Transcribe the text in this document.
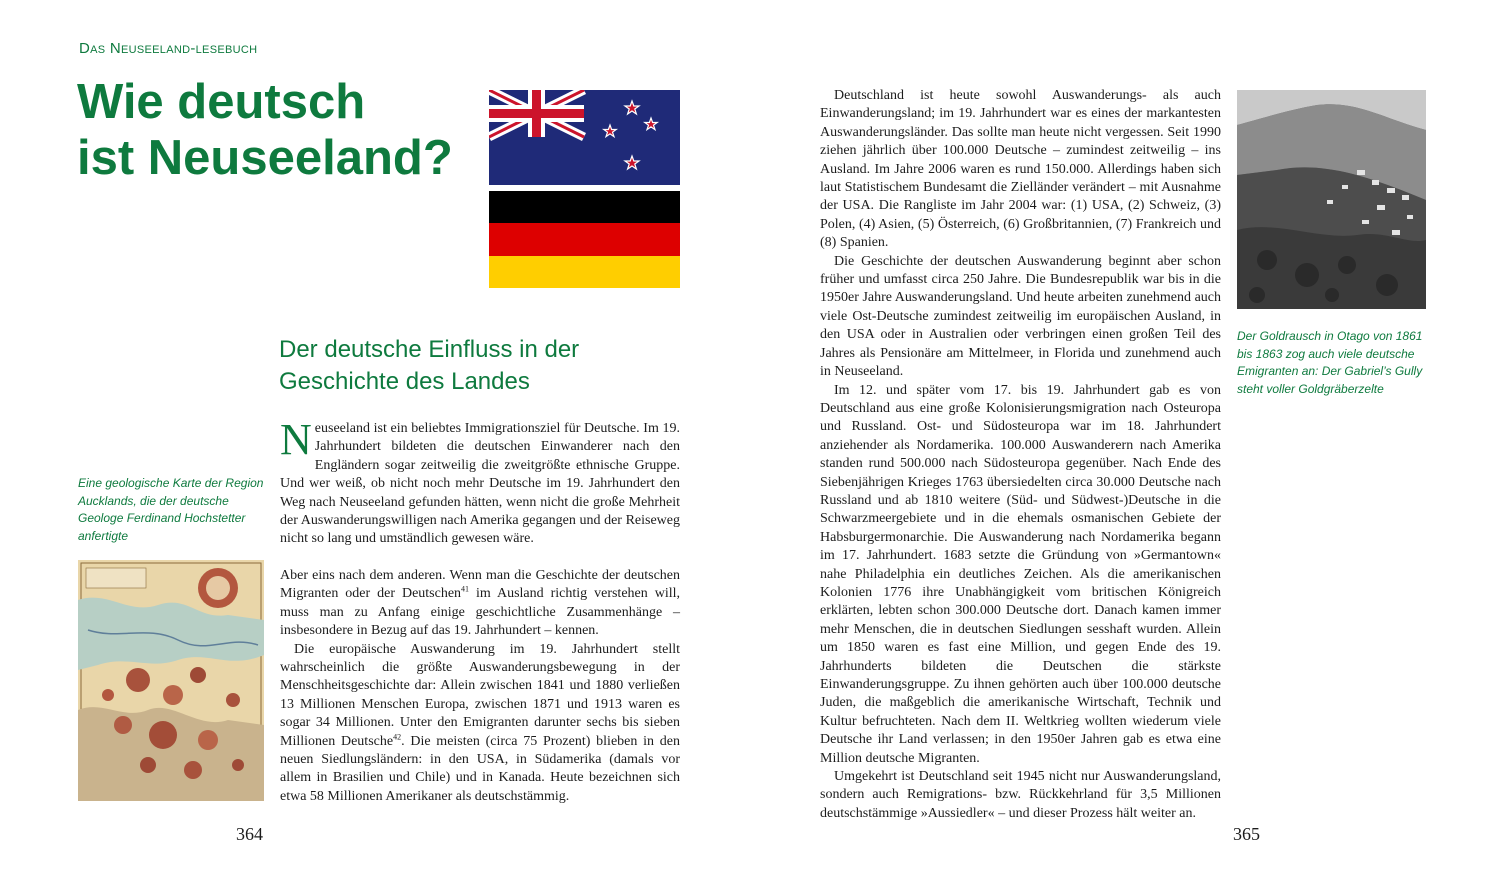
Das Neuseeland-lesebuch
Wie deutsch
ist Neuseeland?
Der deutsche Einfluss in der
Geschichte des Landes
Eine geologische Karte der Region Aucklands, die der deutsche Geologe Ferdinand Hochstetter anfertigte

Neuseeland ist ein beliebtes Immigrationsziel für Deutsche. Im 19. Jahrhundert bildeten die deutschen Einwanderer nach den Engländern sogar zeitweilig die zweitgrößte ethnische Gruppe. Und wer weiß, ob nicht noch mehr Deutsche im 19. Jahrhundert den Weg nach Neuseeland gefunden hätten, wenn nicht die große Mehrheit der Auswanderungswilligen nach Amerika gegangen und der Reiseweg nicht so lang und umständlich gewesen wäre.

Aber eins nach dem anderen. Wenn man die Geschichte der deutschen Migranten oder der Deutschen$^{41}$ im Ausland richtig verstehen will, muss man zu Anfang einige geschichtliche Zusammenhänge – insbesondere in Bezug auf das 19. Jahrhundert – kennen.

Die europäische Auswanderung im 19. Jahrhundert stellt wahrscheinlich die größte Auswanderungsbewegung in der Menschheitsgeschichte dar: Allein zwischen 1841 und 1880 verließen 13 Millionen Menschen Europa, zwischen 1871 und 1913 waren es sogar 34 Millionen. Unter den Emigranten darunter sechs bis sieben Millionen Deutsche$^{42}$. Die meisten (circa 75 Prozent) blieben in den neuen Siedlungsländern: in den USA, in Südamerika (damals vor allem in Brasilien und Chile) und in Kanada. Heute bezeichnen sich etwa 58 Millionen Amerikaner als deutschstämmig.

364

Deutschland ist heute sowohl Auswanderungs- als auch Einwanderungsland; im 19. Jahrhundert war es eines der markantesten Auswanderungsländer. Das sollte man heute nicht vergessen. Seit 1990 ziehen jährlich über 100.000 Deutsche – zumindest zeitweilig – ins Ausland. Im Jahre 2006 waren es rund 150.000. Allerdings haben sich laut Statistischem Bundesamt die Zielländer verändert – mit Ausnahme der USA. Die Rangliste im Jahr 2004 war: (1) USA, (2) Schweiz, (3) Polen, (4) Asien, (5) Österreich, (6) Großbritannien, (7) Frankreich und (8) Spanien.

Die Geschichte der deutschen Auswanderung beginnt aber schon früher und umfasst circa 250 Jahre. Die Bundesrepublik war bis in die 1950er Jahre Auswanderungsland. Und heute arbeiten zunehmend auch viele Ost-Deutsche zumindest zeitweilig im europäischen Ausland, in den USA oder in Australien oder verbringen einen großen Teil des Jahres als Pensionäre am Mittelmeer, in Florida und zunehmend auch in Neuseeland.

Im 12. und später vom 17. bis 19. Jahrhundert gab es von Deutschland aus eine große Kolonisierungsmigration nach Osteuropa und Russland. Ost- und Südosteuropa war im 18. Jahrhundert anziehender als Nordamerika. 100.000 Auswanderern nach Amerika standen rund 500.000 nach Südosteuropa gegenüber. Nach Ende des Siebenjährigen Krieges 1763 übersiedelten circa 30.000 Deutsche nach Russland und ab 1810 weitere (Süd- und Südwest-)Deutsche in die Schwarzmeergebiete und in die ehemals osmanischen Gebiete der Habsburgermonarchie. Die Auswanderung nach Nordamerika begann im 17. Jahrhundert. 1683 setzte die Gründung von »Germantown« nahe Philadelphia ein deutliches Zeichen. Als die amerikanischen Kolonien 1776 ihre Unabhängigkeit vom britischen Königreich erklärten, lebten schon 300.000 Deutsche dort. Danach kamen immer mehr Menschen, die in deutschen Siedlungen sesshaft wurden. Allein um 1850 waren es fast eine Million, und gegen Ende des 19. Jahrhunderts bildeten die Deutschen die stärkste Einwanderungsgruppe. Zu ihnen gehörten auch über 100.000 deutsche Juden, die maßgeblich die amerikanische Wirtschaft, Technik und Kultur befruchteten. Nach dem II. Weltkrieg wollten wiederum viele Deutsche ihr Land verlassen; in den 1950er Jahren gab es etwa eine Million deutsche Migranten.

Umgekehrt ist Deutschland seit 1945 nicht nur Auswanderungsland, sondern auch Remigrations- bzw. Rückkehrland für 3,5 Millionen deutschstämmige »Aussiedler« – und dieser Prozess hält weiter an.

Der Goldrausch in Otago von 1861 bis 1863 zog auch viele deutsche Emigranten an: Der Gabriel’s Gully steht voller Goldgräberzelte
365
